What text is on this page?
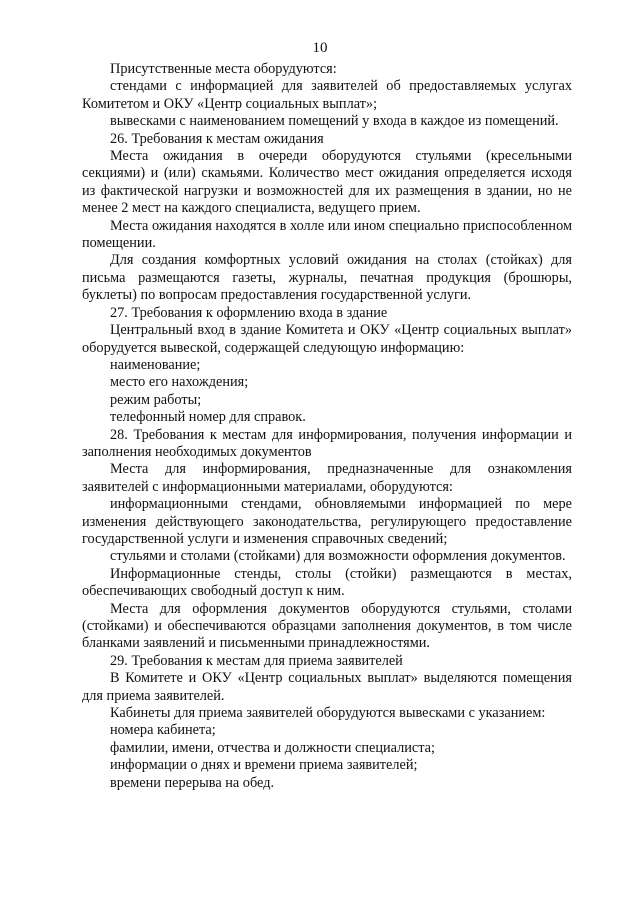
10

Присутственные места оборудуются:

стендами с информацией для заявителей об предоставляемых услугах Комитетом и ОКУ «Центр социальных выплат»;

вывесками с наименованием помещений у входа в каждое из помещений.

26. Требования к местам ожидания

Места ожидания в очереди оборудуются стульями (кресельными секциями) и (или) скамьями. Количество мест ожидания определяется исходя из фактической нагрузки и возможностей для их размещения в здании, но не менее 2 мест на каждого специалиста, ведущего прием.

Места ожидания находятся в холле или ином специально приспособленном помещении.

Для создания комфортных условий ожидания на столах (стойках) для письма размещаются газеты, журналы, печатная продукция (брошюры, буклеты) по вопросам предоставления государственной услуги.

27. Требования к оформлению входа в здание

Центральный вход в здание Комитета и ОКУ «Центр социальных выплат» оборудуется вывеской, содержащей следующую информацию:

наименование;

место его нахождения;

режим работы;

телефонный номер для справок.

28. Требования к местам для информирования, получения информации и заполнения необходимых документов

Места для информирования, предназначенные для ознакомления заявителей с информационными материалами, оборудуются:

информационными стендами, обновляемыми информацией по мере изменения действующего законодательства, регулирующего предоставление государственной услуги и изменения справочных сведений;

стульями и столами (стойками) для возможности оформления документов.

Информационные стенды, столы (стойки) размещаются в местах, обеспечивающих свободный доступ к ним.

Места для оформления документов оборудуются стульями, столами (стойками) и обеспечиваются образцами заполнения документов, в том числе бланками заявлений и письменными принадлежностями.

29. Требования к местам для приема заявителей

В Комитете и ОКУ «Центр социальных выплат» выделяются помещения для приема заявителей.

Кабинеты для приема заявителей оборудуются вывесками с указанием:

номера кабинета;

фамилии, имени, отчества и должности специалиста;

информации о днях и времени приема заявителей;

времени перерыва на обед.
